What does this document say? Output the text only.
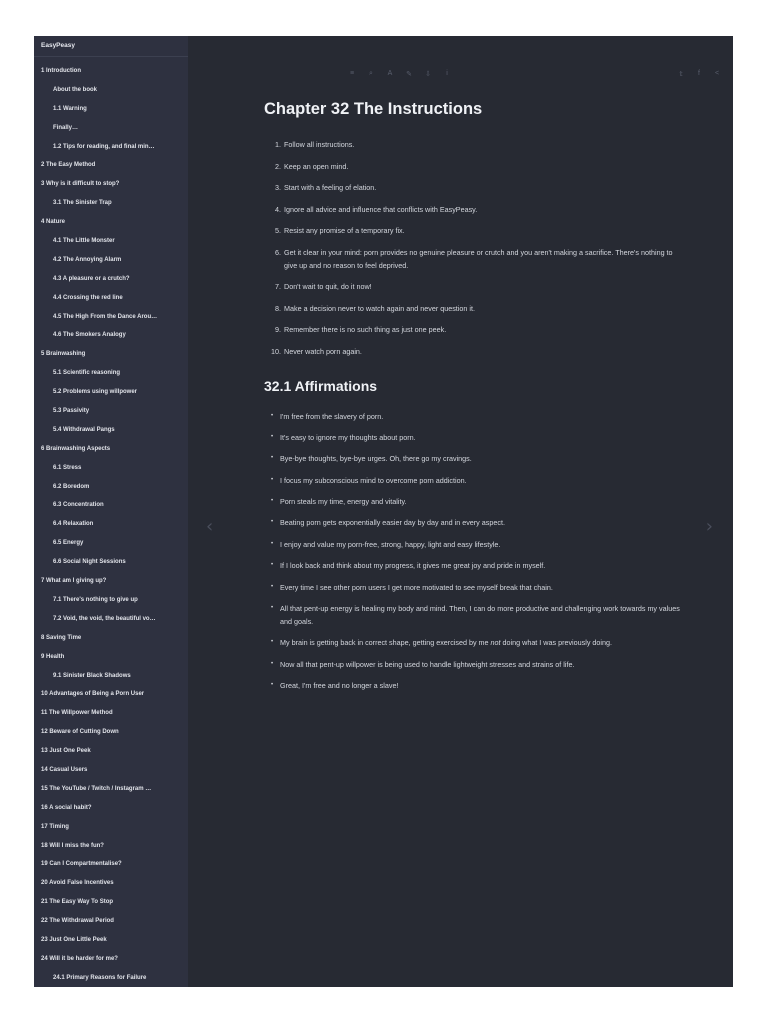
EasyPeasy
1 Introduction
About the book
1.1 Warning
Finally…
1.2 Tips for reading, and final min…
2 The Easy Method
3 Why is it difficult to stop?
3.1 The Sinister Trap
4 Nature
4.1 The Little Monster
4.2 The Annoying Alarm
4.3 A pleasure or a crutch?
4.4 Crossing the red line
4.5 The High From the Dance Arou…
4.6 The Smokers Analogy
5 Brainwashing
5.1 Scientific reasoning
5.2 Problems using willpower
5.3 Passivity
5.4 Withdrawal Pangs
6 Brainwashing Aspects
6.1 Stress
6.2 Boredom
6.3 Concentration
6.4 Relaxation
6.5 Energy
6.6 Social Night Sessions
7 What am I giving up?
7.1 There's nothing to give up
7.2 Void, the void, the beautiful vo…
8 Saving Time
9 Health
9.1 Sinister Black Shadows
10 Advantages of Being a Porn User
11 The Willpower Method
12 Beware of Cutting Down
13 Just One Peek
14 Casual Users
15 The YouTube / Twitch / Instagram …
16 A social habit?
17 Timing
18 Will I miss the fun?
19 Can I Compartmentalise?
20 Avoid False Incentives
21 The Easy Way To Stop
22 The Withdrawal Period
23 Just One Little Peek
24 Will it be harder for me?
24.1 Primary Reasons for Failure
≡ ⌕ A ✎ ⇩	i	𝕥	f	<
‹	›
Chapter 32 The Instructions
1. Follow all instructions.
2. Keep an open mind.
3. Start with a feeling of elation.
4. Ignore all advice and influence that conflicts with EasyPeasy.
5. Resist any promise of a temporary fix.
6. Get it clear in your mind: porn provides no genuine pleasure or crutch and you aren't making a sacrifice. There's nothing to give up and no reason to feel deprived.
7. Don't wait to quit, do it now!
8. Make a decision never to watch again and never question it.
9. Remember there is no such thing as just one peek.
10. Never watch porn again.
32.1 Affirmations
• I'm free from the slavery of porn.
• It's easy to ignore my thoughts about porn.
• Bye-bye thoughts, bye-bye urges. Oh, there go my cravings.
• I focus my subconscious mind to overcome porn addiction.
• Porn steals my time, energy and vitality.
• Beating porn gets exponentially easier day by day and in every aspect.
• I enjoy and value my porn-free, strong, happy, light and easy lifestyle.
• If I look back and think about my progress, it gives me great joy and pride in myself.
• Every time I see other porn users I get more motivated to see myself break that chain.
• All that pent-up energy is healing my body and mind. Then, I can do more productive and challenging work towards my values and goals.
• My brain is getting back in correct shape, getting exercised by me not doing what I was previously doing.
• Now all that pent-up willpower is being used to handle lightweight stresses and strains of life.
• Great, I'm free and no longer a slave!
